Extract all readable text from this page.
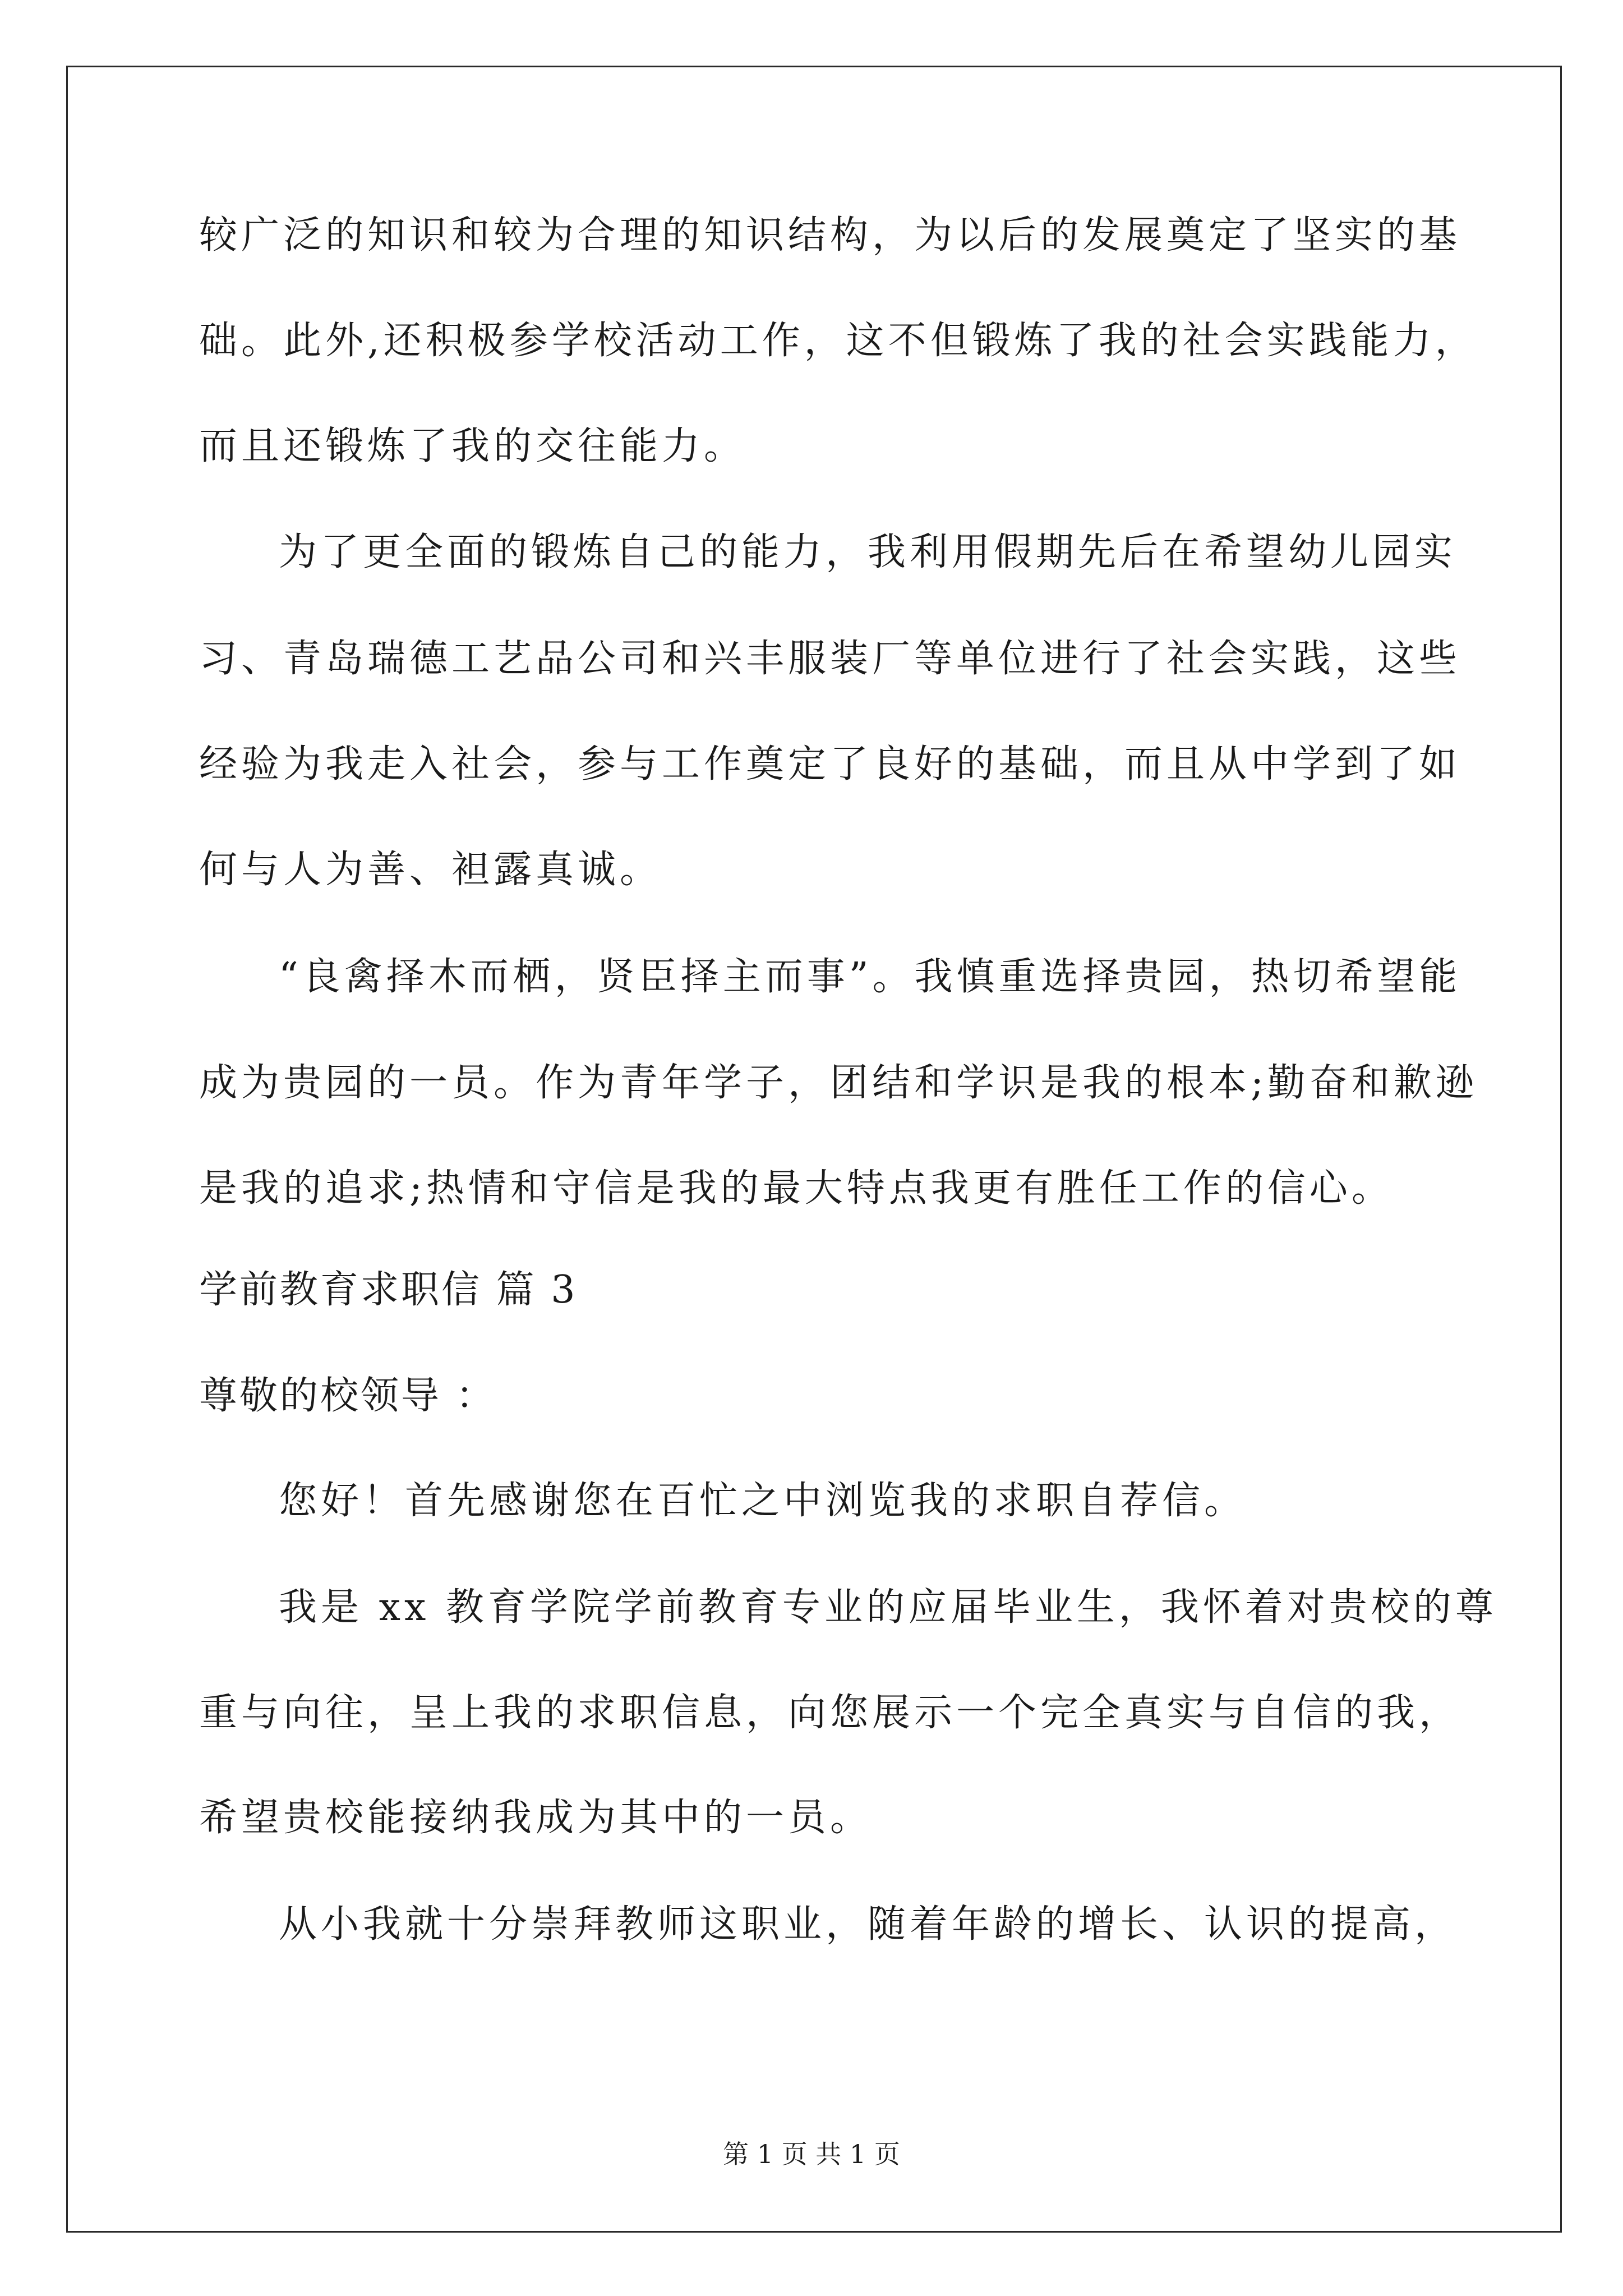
较广泛的知识和较为合理的知识结构，为以后的发展奠定了坚实的基
础。此外,还积极参学校活动工作，这不但锻炼了我的社会实践能力，
而且还锻炼了我的交往能力。
为了更全面的锻炼自己的能力，我利用假期先后在希望幼儿园实
习、青岛瑞德工艺品公司和兴丰服装厂等单位进行了社会实践，这些
经验为我走入社会，参与工作奠定了良好的基础，而且从中学到了如
何与人为善、袒露真诚。
“良禽择木而栖，贤臣择主而事”。我慎重选择贵园，热切希望能
成为贵园的一员。作为青年学子，团结和学识是我的根本;勤奋和歉逊
是我的追求;热情和守信是我的最大特点我更有胜任工作的信心。
学前教育求职信 篇 3
尊敬的校领导 ：
您好！首先感谢您在百忙之中浏览我的求职自荐信。
我是 xx 教育学院学前教育专业的应届毕业生，我怀着对贵校的尊
重与向往，呈上我的求职信息，向您展示一个完全真实与自信的我，
希望贵校能接纳我成为其中的一员。
从小我就十分崇拜教师这职业，随着年龄的增长、认识的提高，
第 1 页 共 1 页
